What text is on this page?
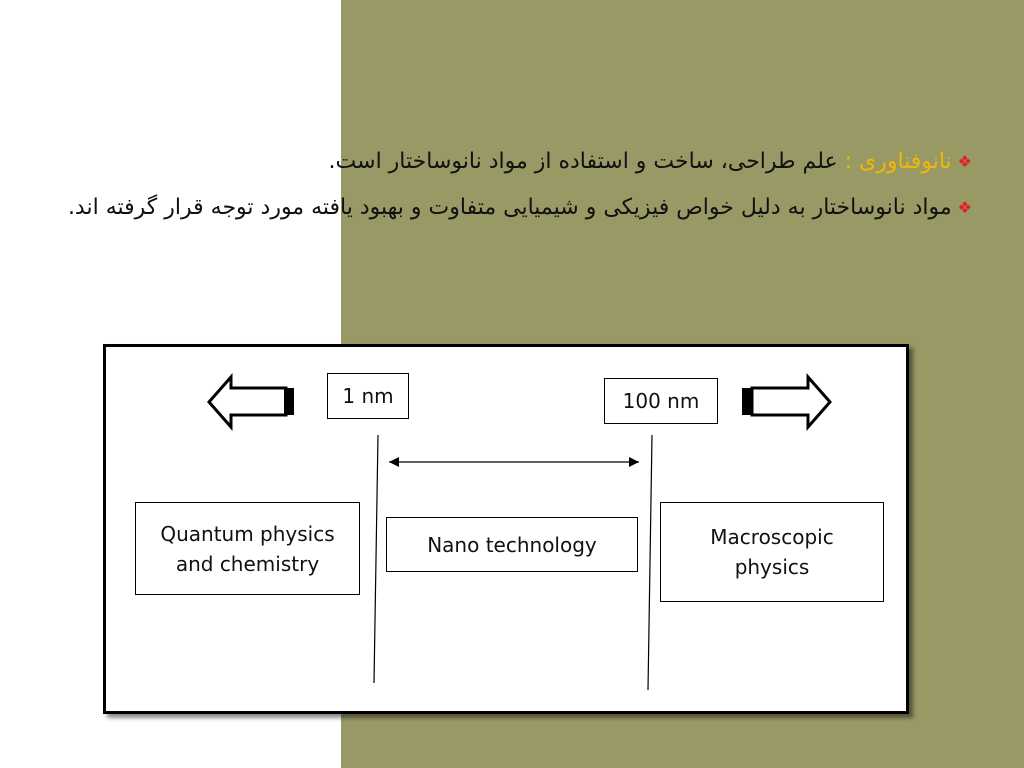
❖نانوفناوری : علم طراحی، ساخت و استفاده از مواد نانوساختار است.
❖مواد نانوساختار به دلیل خواص فیزیکی و شیمیایی متفاوت و بهبود یافته مورد توجه قرار گرفته اند.
1 nm	100 nm
Quantum physics
and chemistry
Nano technology	Macroscopic
physics
